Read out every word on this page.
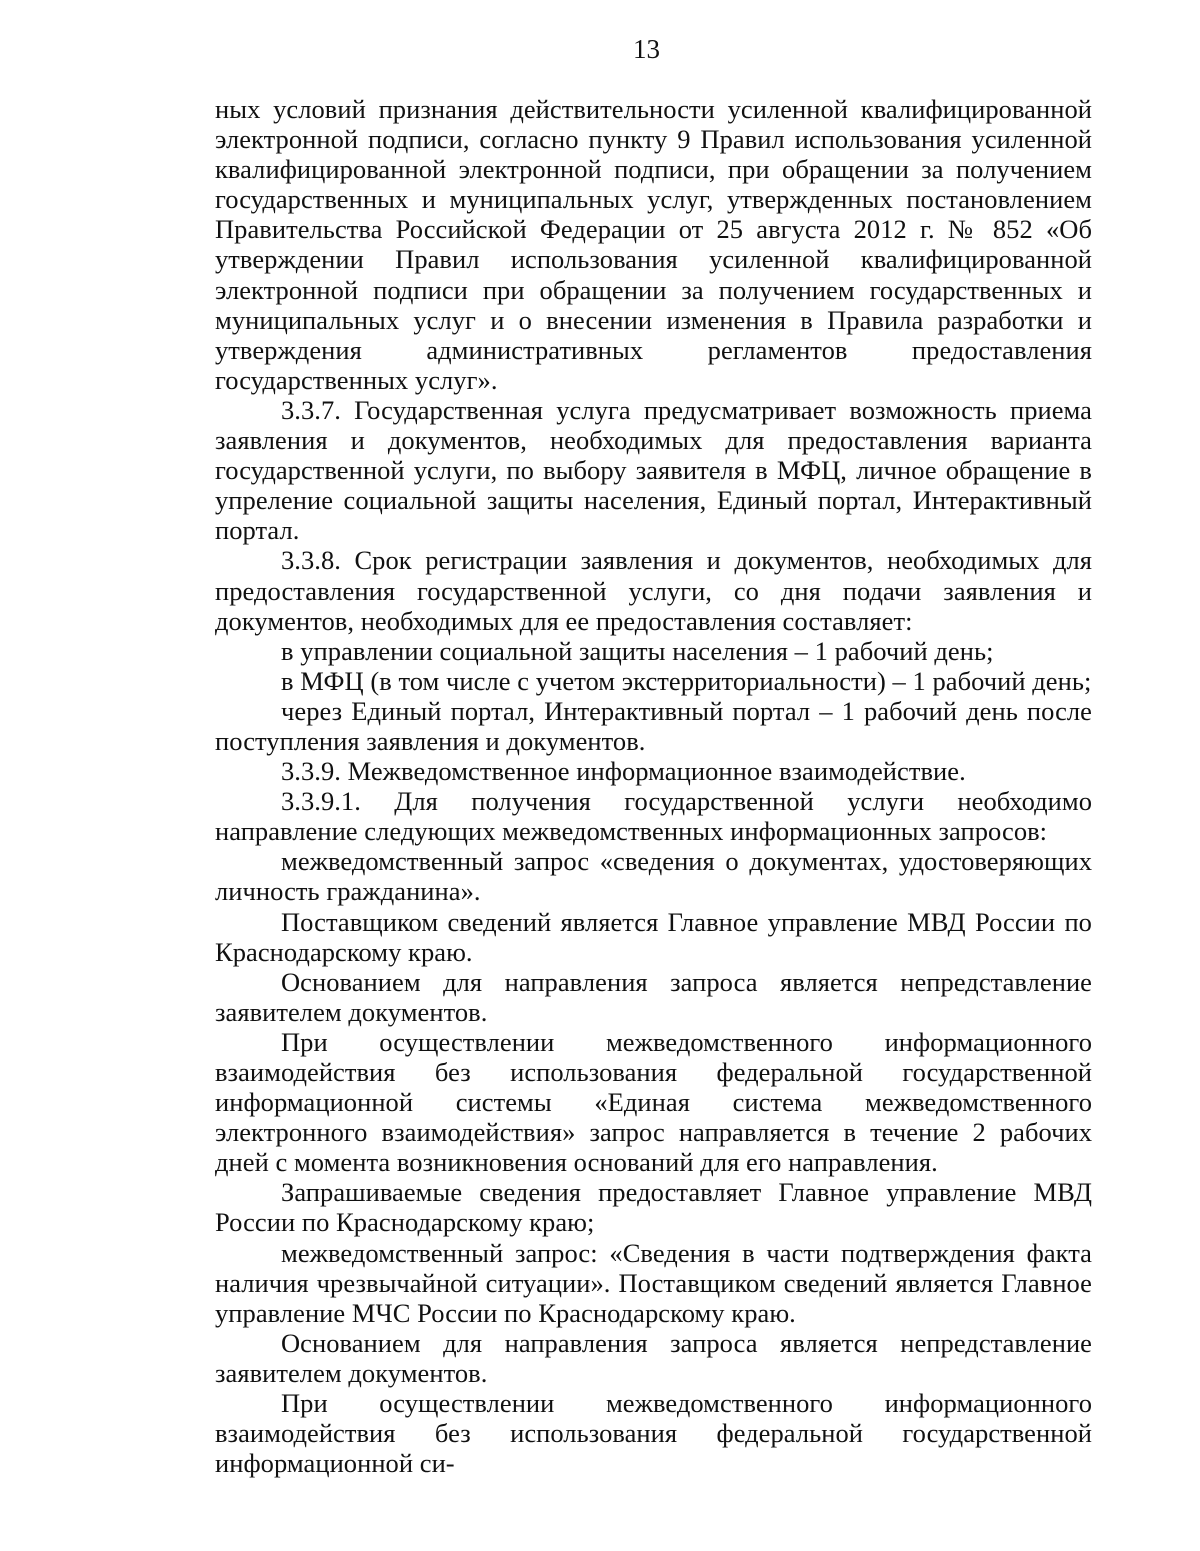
13

ных условий признания действительности усиленной квалифицированной электронной подписи, согласно пункту 9 Правил использования усиленной квалифицированной электронной подписи, при обращении за получением государственных и муниципальных услуг, утвержденных постановлением Правительства Российской Федерации от 25 августа 2012 г. № 852 «Об утверждении Правил использования усиленной квалифицированной электронной подписи при обращении за получением государственных и муниципальных услуг и о внесении изменения в Правила разработки и утверждения административных регламентов предоставления государственных услуг».

3.3.7. Государственная услуга предусматривает возможность приема заявления и документов, необходимых для предоставления варианта государственной услуги, по выбору заявителя в МФЦ, личное обращение в упреление социальной защиты населения, Единый портал, Интерактивный портал.

3.3.8. Срок регистрации заявления и документов, необходимых для предоставления государственной услуги, со дня подачи заявления и документов, необходимых для ее предоставления составляет:

в управлении социальной защиты населения – 1 рабочий день;

в МФЦ (в том числе с учетом экстерриториальности) – 1 рабочий день;

через Единый портал, Интерактивный портал – 1 рабочий день после поступления заявления и документов.

3.3.9. Межведомственное информационное взаимодействие.

3.3.9.1. Для получения государственной услуги необходимо направление следующих межведомственных информационных запросов:

межведомственный запрос «сведения о документах, удостоверяющих личность гражданина».

Поставщиком сведений является Главное управление МВД России по Краснодарскому краю.

Основанием для направления запроса является непредставление заявителем документов.

При осуществлении межведомственного информационного взаимодействия без использования федеральной государственной информационной системы «Единая система межведомственного электронного взаимодействия» запрос направляется в течение 2 рабочих дней с момента возникновения оснований для его направления.

Запрашиваемые сведения предоставляет Главное управление МВД России по Краснодарскому краю;

межведомственный запрос: «Сведения в части подтверждения факта наличия чрезвычайной ситуации». Поставщиком сведений является Главное управление МЧС России по Краснодарскому краю.

Основанием для направления запроса является непредставление заявителем документов.

При осуществлении межведомственного информационного взаимодействия без использования федеральной государственной информационной си-
